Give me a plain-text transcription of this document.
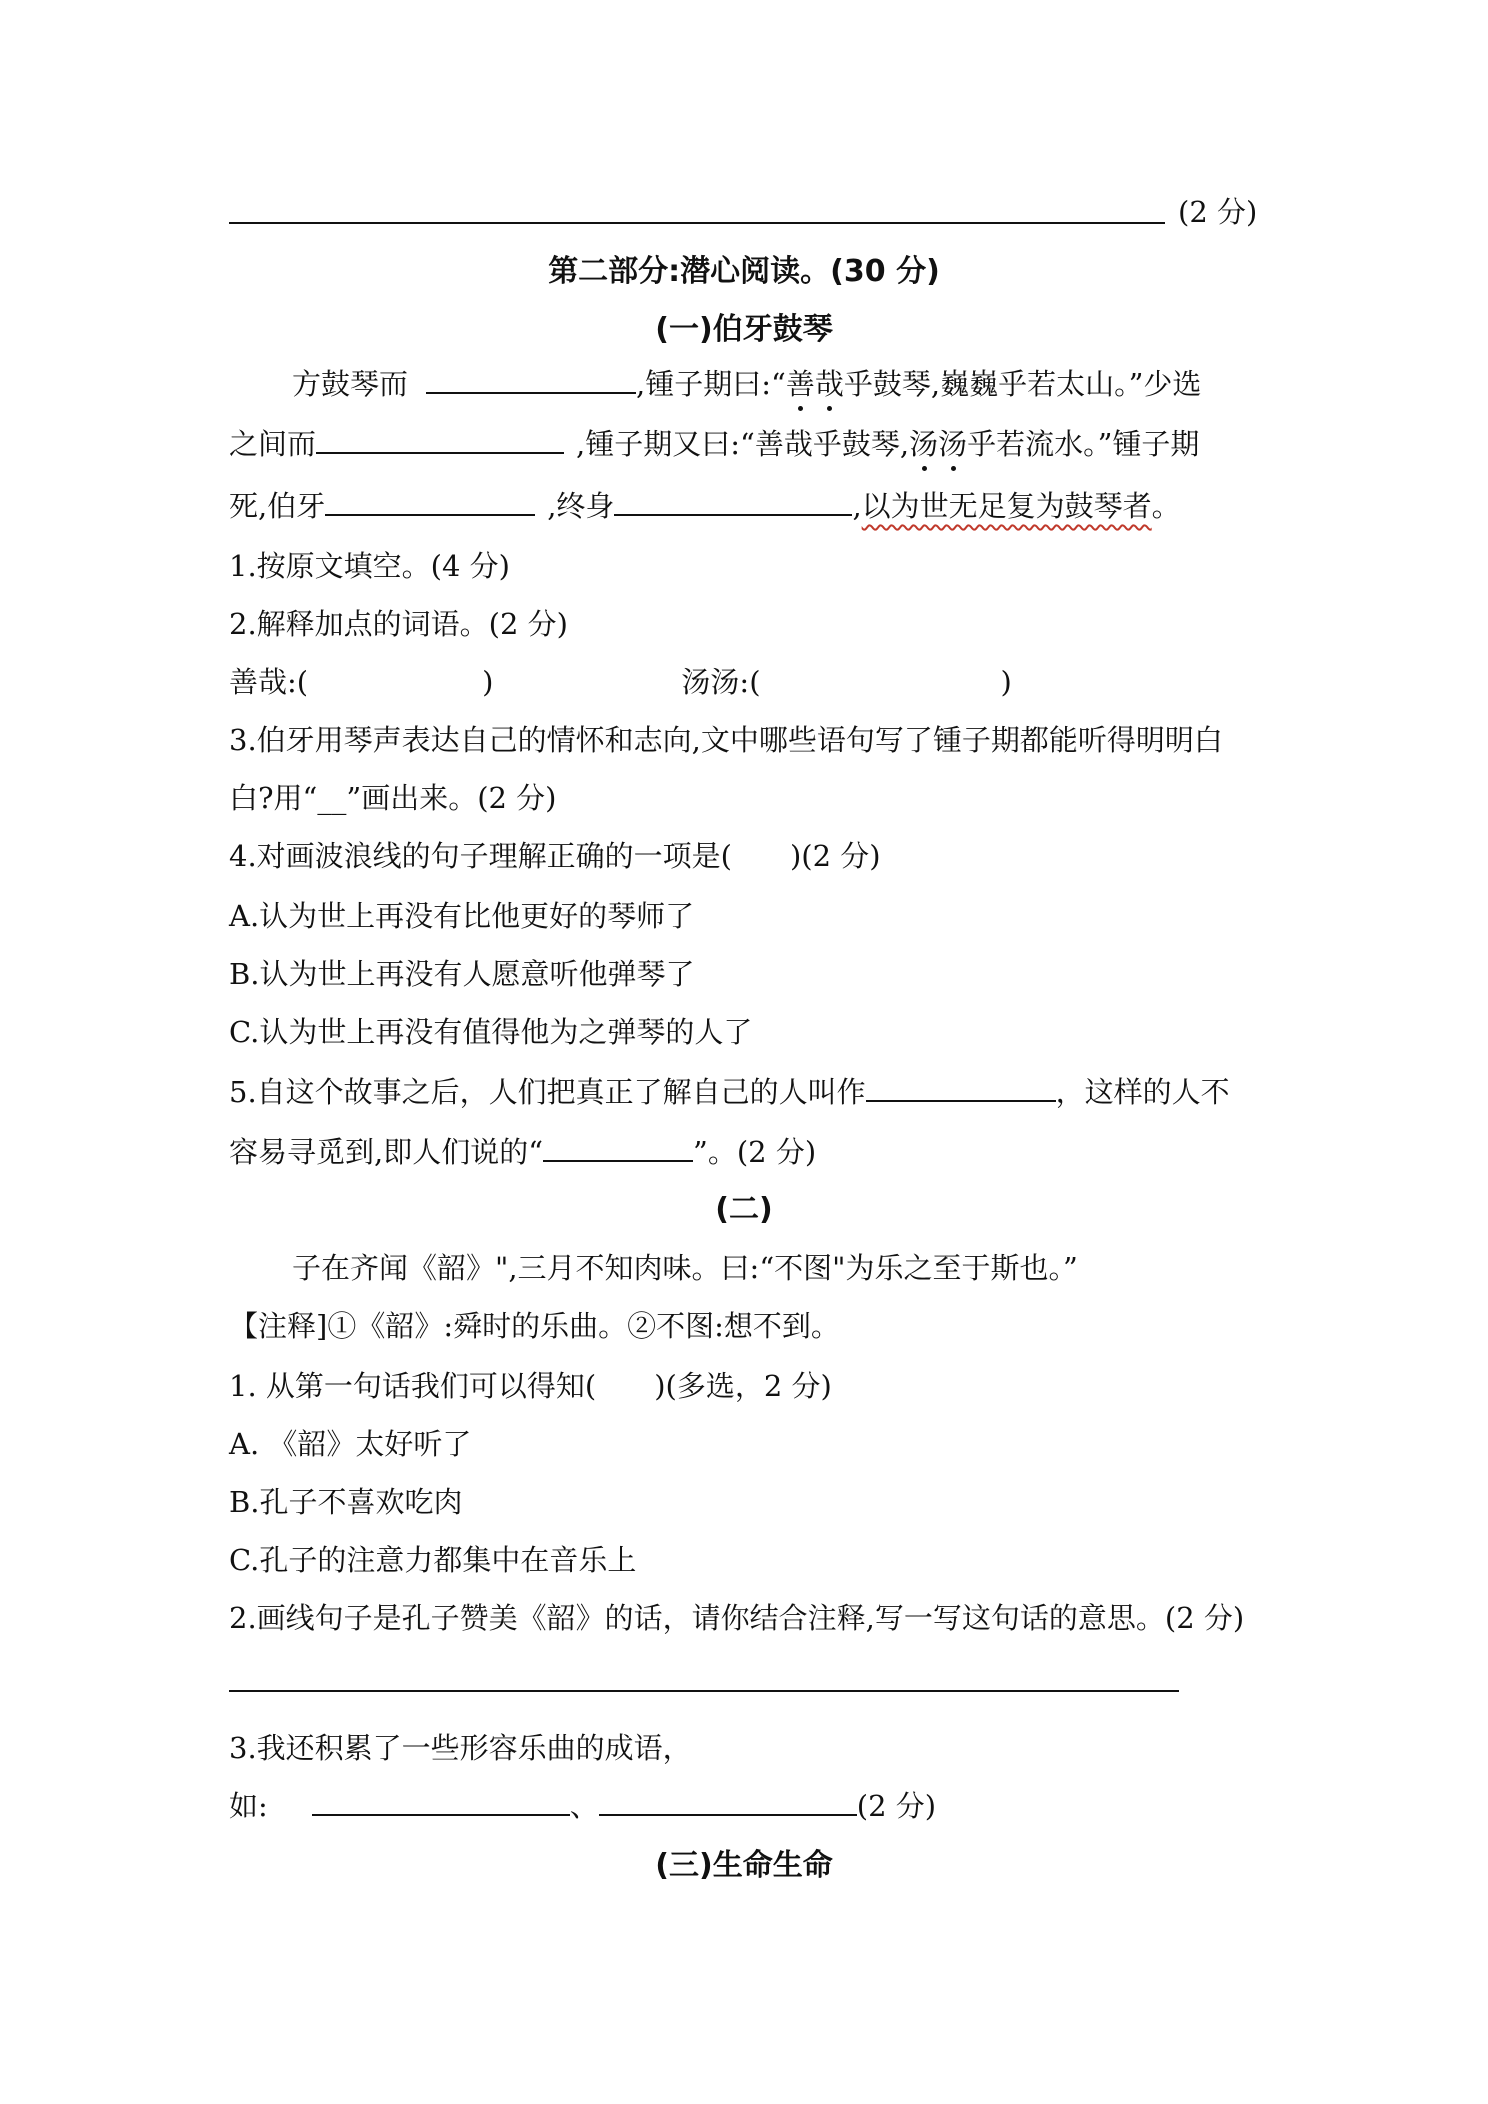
(2 分)
第二部分:潜心阅读。(30 分)
(一)伯牙鼓琴
方鼓琴而	,锺子期曰:“善哉乎鼓琴,巍巍乎若太山。”少选
之间而	,锺子期又曰:“善哉乎鼓琴,汤汤乎若流水。”锺子期
死,伯牙	,终身	,以为世无足复为鼓琴者。
1.按原文填空。(4 分)
2.解释加点的词语。(2 分)
善哉:(	)	汤汤:(	)
3.伯牙用琴声表达自己的情怀和志向,文中哪些语句写了锺子期都能听得明明白
白?用“__”画出来。(2 分)
4.对画波浪线的句子理解正确的一项是(　　)(2 分)
A.认为世上再没有比他更好的琴师了
B.认为世上再没有人愿意听他弹琴了
C.认为世上再没有值得他为之弹琴的人了
5.自这个故事之后，人们把真正了解自己的人叫作	，这样的人不
容易寻觅到,即人们说的“	”。(2 分)
(二)
子在齐闻《韶》",三月不知肉味。曰:“不图"为乐之至于斯也。”
【注释]①《韶》:舜时的乐曲。②不图:想不到。
1. 从第一句话我们可以得知(　　)(多选，2 分)
A. 《韶》太好听了
B.孔子不喜欢吃肉
C.孔子的注意力都集中在音乐上
2.画线句子是孔子赞美《韶》的话，请你结合注释,写一写这句话的意思。(2 分)
3.我还积累了一些形容乐曲的成语，
如:	、	(2 分)
(三)生命生命
